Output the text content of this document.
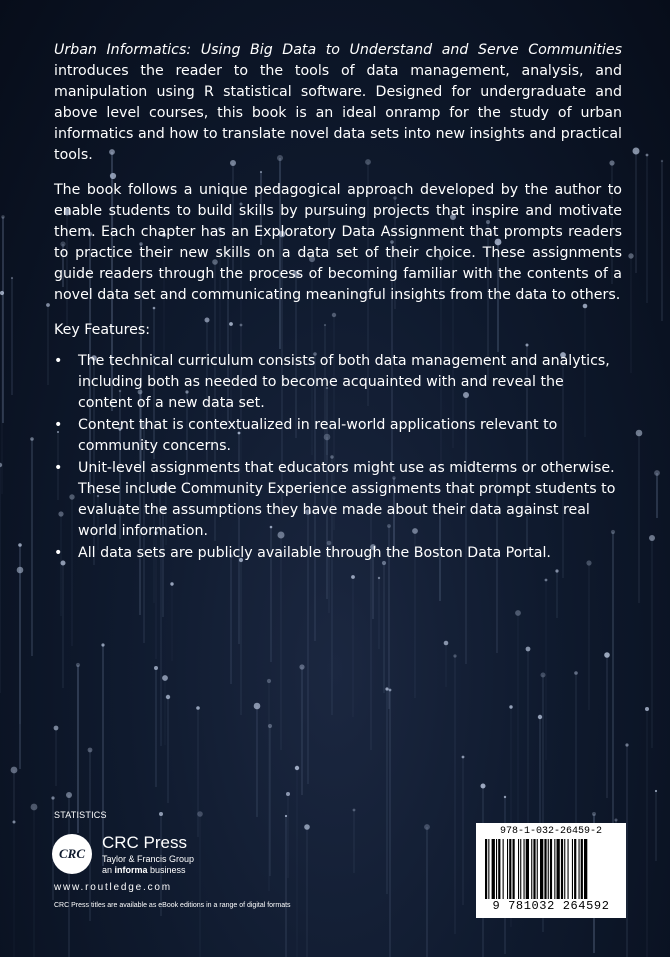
Urban Informatics: Using Big Data to Understand and Serve Communities introduces the reader to the tools of data management, analysis, and manipulation using R statistical software. Designed for undergraduate and above level courses, this book is an ideal onramp for the study of urban informatics and how to translate novel data sets into new insights and practical tools.

The book follows a unique pedagogical approach developed by the author to enable students to build skills by pursuing projects that inspire and motivate them. Each chapter has an Exploratory Data Assignment that prompts readers to practice their new skills on a data set of their choice. These assignments guide readers through the process of becoming familiar with the contents of a novel data set and communicating meaningful insights from the data to others.

Key Features:

• The technical curriculum consists of both data management and analytics, including both as needed to become acquainted with and reveal the content of a new data set.
• Content that is contextualized in real-world applications relevant to community concerns.
• Unit-level assignments that educators might use as midterms or otherwise. These include Community Experience assignments that prompt students to evaluate the assumptions they have made about their data against real world information.
• All data sets are publicly available through the Boston Data Portal.
STATISTICS
CRC
CRC Press
Taylor & Francis Group
an informa business
www.routledge.com
CRC Press titles are available as eBook editions in a range of digital formats
978-1-032-26459-2
9 781032 264592
